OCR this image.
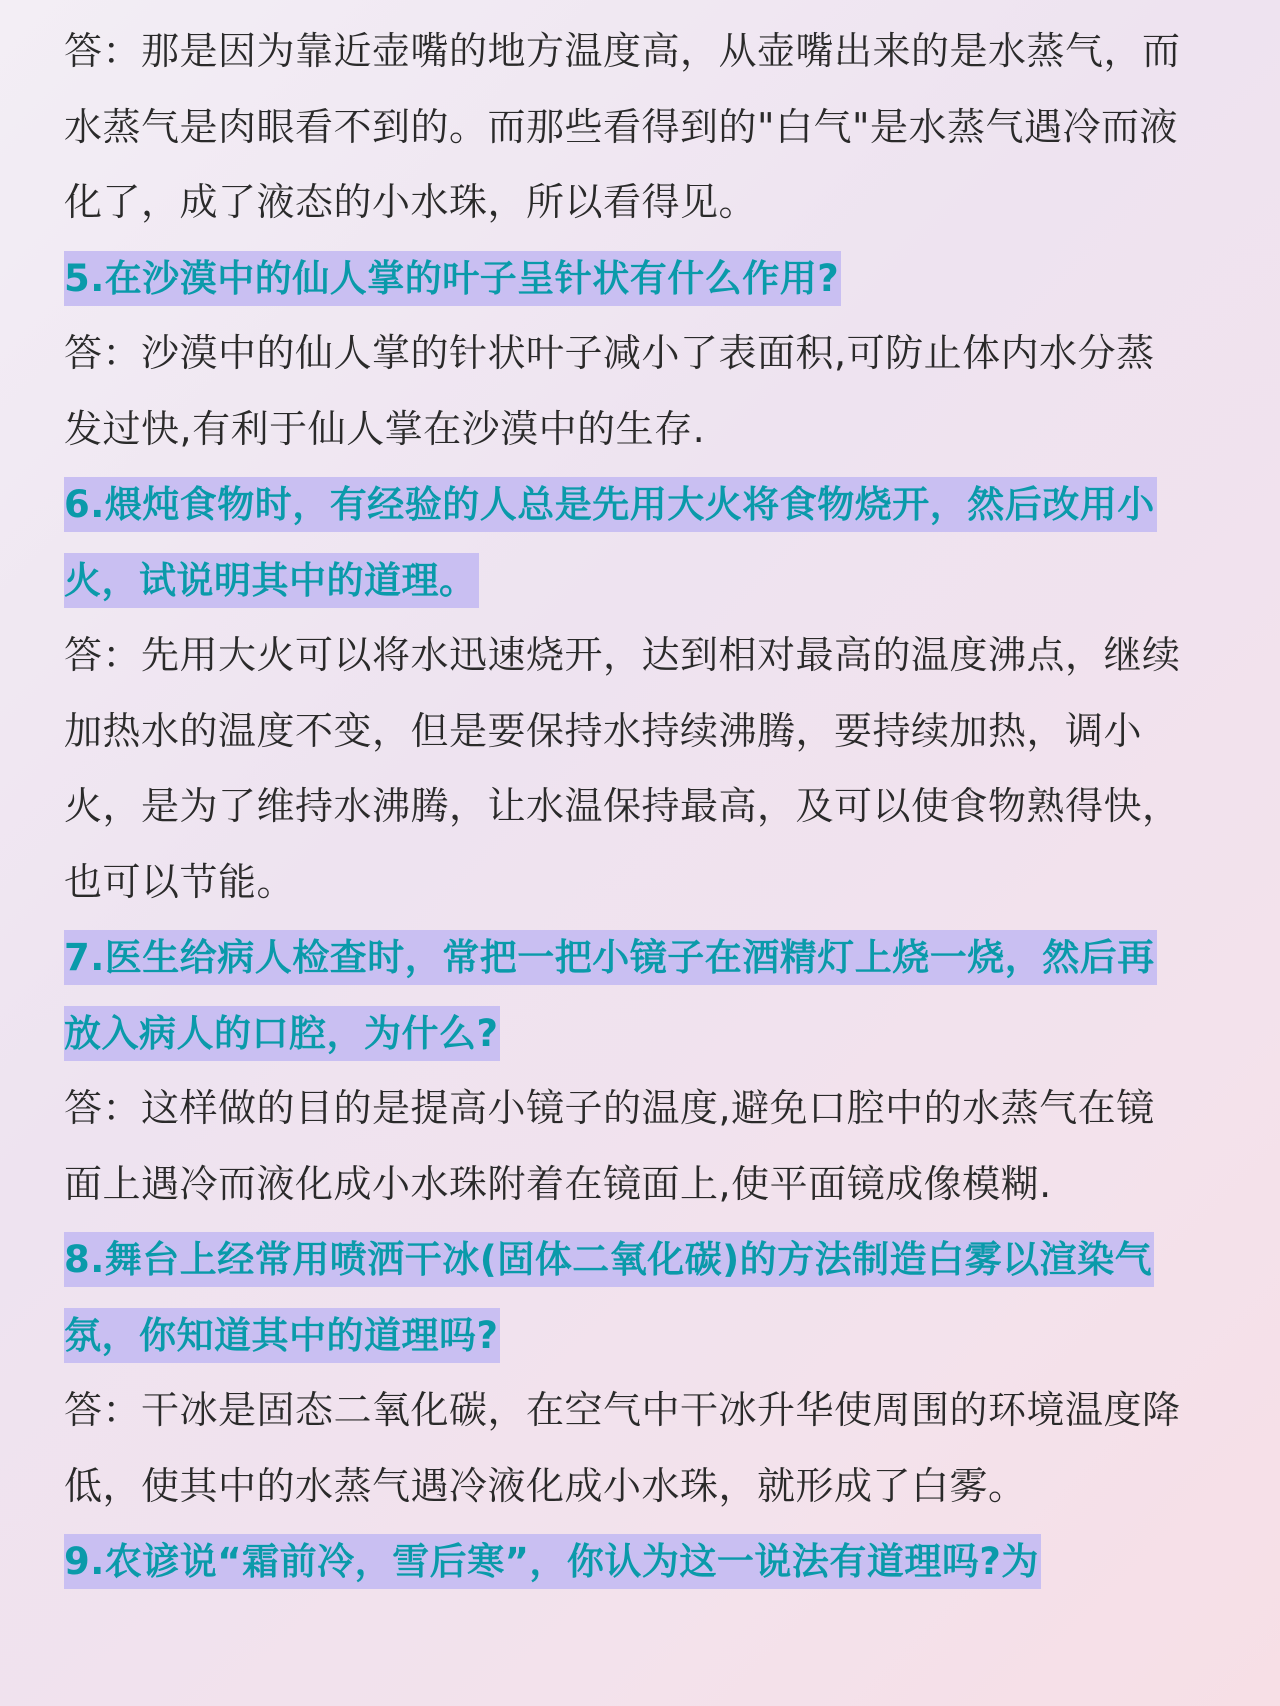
答：那是因为靠近壶嘴的地方温度高，从壶嘴出来的是水蒸气，而水蒸气是肉眼看不到的。而那些看得到的"白气"是水蒸气遇冷而液化了，成了液态的小水珠，所以看得见。

5.在沙漠中的仙人掌的叶子呈针状有什么作用?

答：沙漠中的仙人掌的针状叶子减小了表面积,可防止体内水分蒸发过快,有利于仙人掌在沙漠中的生存.

6.煨炖食物时，有经验的人总是先用大火将食物烧开，然后改用小火，试说明其中的道理。

答：先用大火可以将水迅速烧开，达到相对最高的温度沸点，继续加热水的温度不变，但是要保持水持续沸腾，要持续加热，调小火，是为了维持水沸腾，让水温保持最高，及可以使食物熟得快，也可以节能。

7.医生给病人检查时，常把一把小镜子在酒精灯上烧一烧，然后再放入病人的口腔，为什么?

答：这样做的目的是提高小镜子的温度,避免口腔中的水蒸气在镜面上遇冷而液化成小水珠附着在镜面上,使平面镜成像模糊.

8.舞台上经常用喷洒干冰(固体二氧化碳)的方法制造白雾以渲染气氛，你知道其中的道理吗?

答：干冰是固态二氧化碳，在空气中干冰升华使周围的环境温度降低，使其中的水蒸气遇冷液化成小水珠，就形成了白雾。

9.农谚说“霜前冷，雪后寒”，你认为这一说法有道理吗?为
